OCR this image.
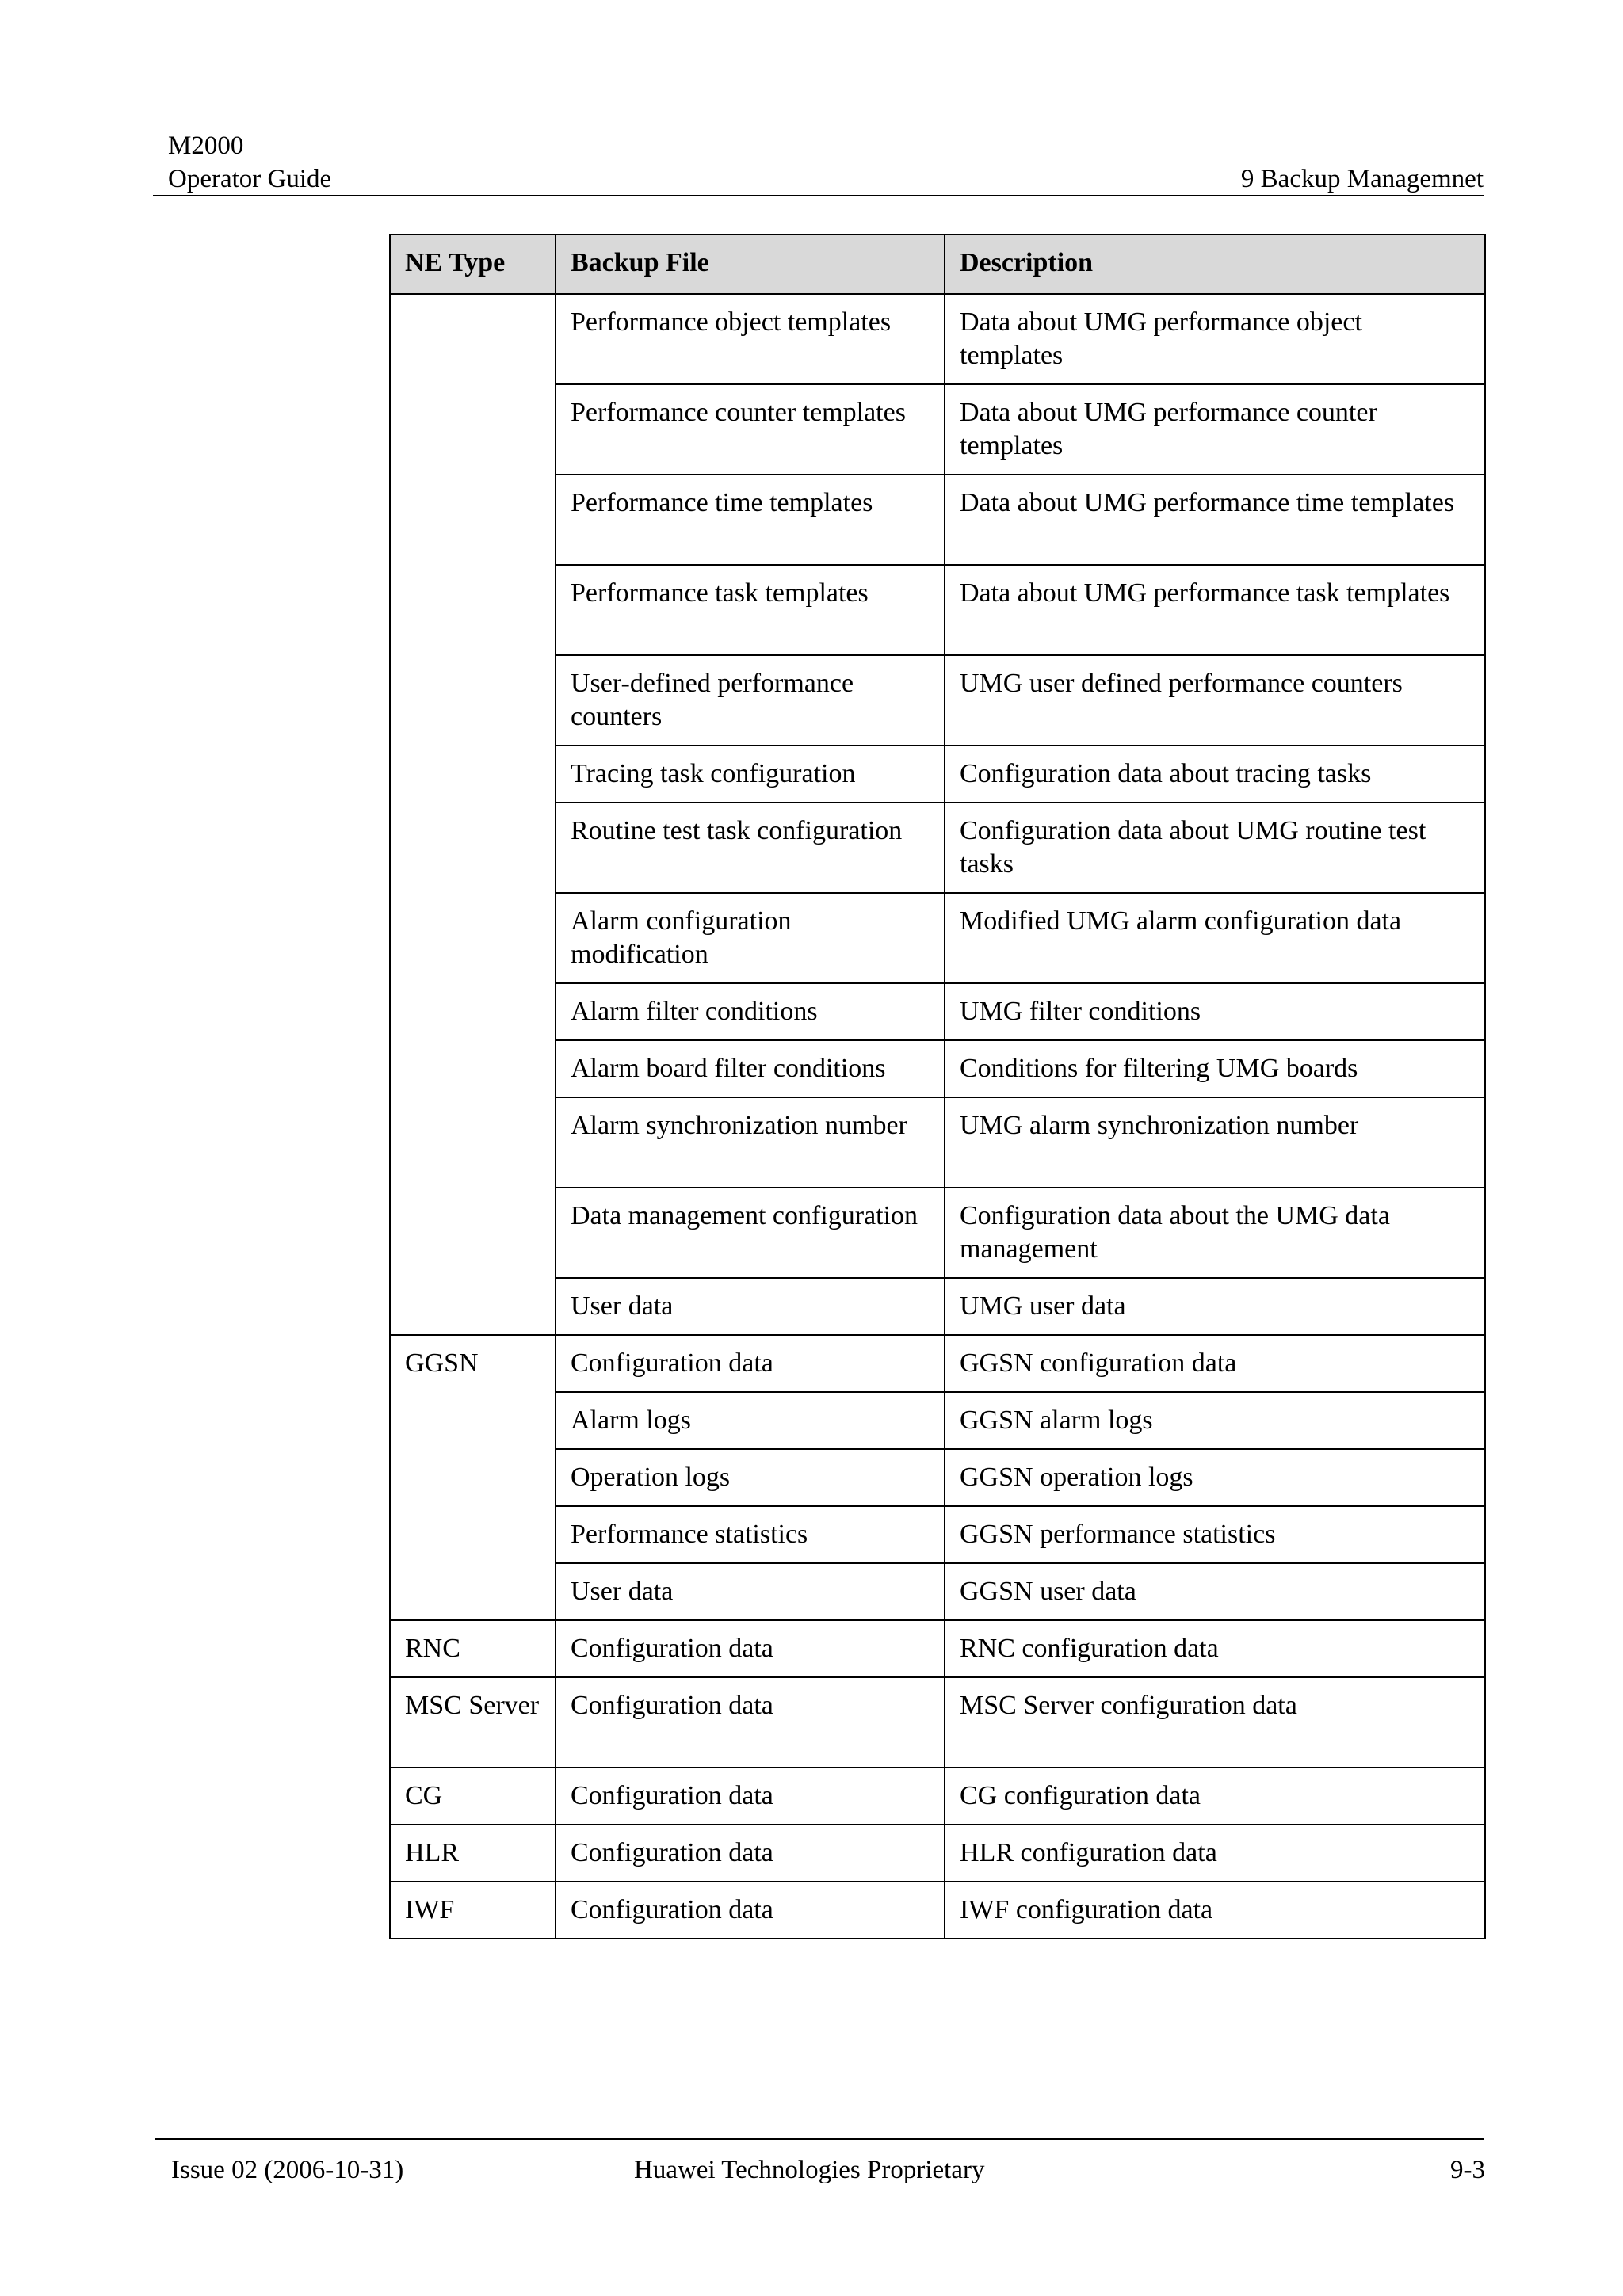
M2000
Operator Guide	9 Backup Managemnet
NE Type	Backup File	Description
	Performance object templates	Data about UMG performance object templates
	Performance counter templates	Data about UMG performance counter templates
	Performance time templates	Data about UMG performance time templates
	Performance task templates	Data about UMG performance task templates
	User-defined performance counters	UMG user defined performance counters
	Tracing task configuration	Configuration data about tracing tasks
	Routine test task configuration	Configuration data about UMG routine test tasks
	Alarm configuration modification	Modified UMG alarm configuration data
	Alarm filter conditions	UMG filter conditions
	Alarm board filter conditions	Conditions for filtering UMG boards
	Alarm synchronization number	UMG alarm synchronization number
	Data management configuration	Configuration data about the UMG data management
	User data	UMG user data
GGSN	Configuration data	GGSN configuration data
	Alarm logs	GGSN alarm logs
	Operation logs	GGSN operation logs
	Performance statistics	GGSN performance statistics
	User data	GGSN user data
RNC	Configuration data	RNC configuration data
MSC Server	Configuration data	MSC Server configuration data
CG	Configuration data	CG configuration data
HLR	Configuration data	HLR configuration data
IWF	Configuration data	IWF configuration data
Issue 02 (2006-10-31)	Huawei Technologies Proprietary	9-3
